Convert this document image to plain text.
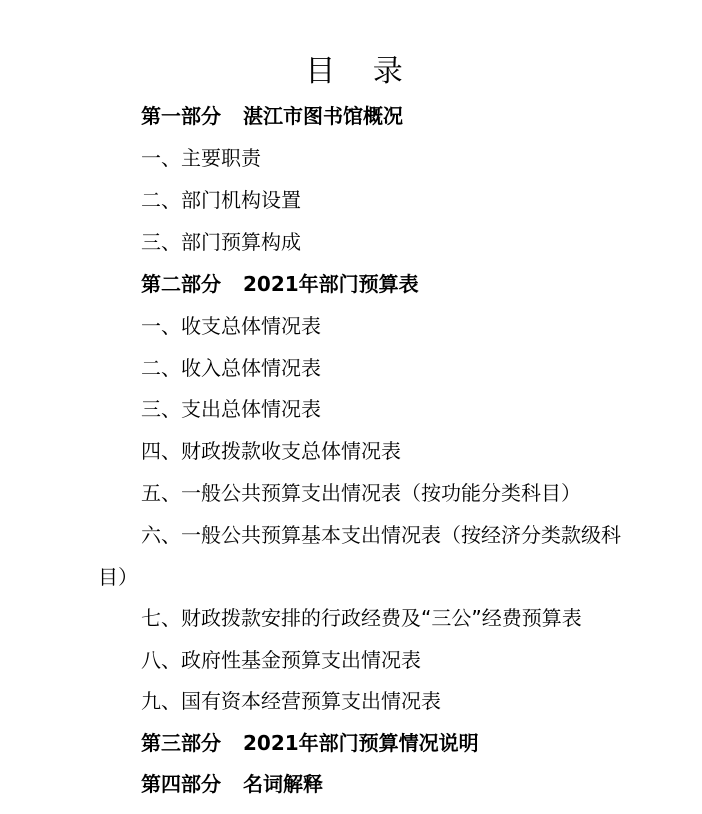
目 录
第一部分 湛江市图书馆概况
一、主要职责
二、部门机构设置
三、部门预算构成
第二部分 2021年部门预算表
一、收支总体情况表
二、收入总体情况表
三、支出总体情况表
四、财政拨款收支总体情况表
五、一般公共预算支出情况表（按功能分类科目）
六、一般公共预算基本支出情况表（按经济分类款级科
目）
七、财政拨款安排的行政经费及“三公”经费预算表
八、政府性基金预算支出情况表
九、国有资本经营预算支出情况表
第三部分 2021年部门预算情况说明
第四部分 名词解释
